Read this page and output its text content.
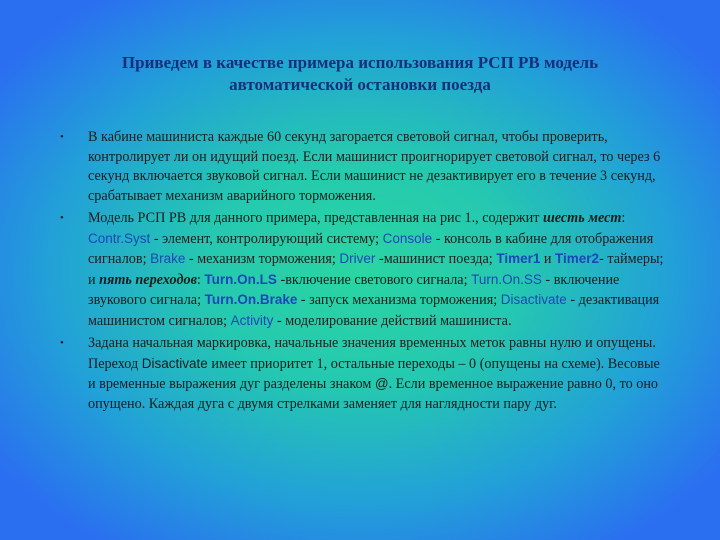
Приведем в качестве примера использования РСП РВ модель
автоматической остановки поезда
•	В кабине машиниста каждые 60 секунд загорается световой сигнал, чтобы проверить, контролирует ли он идущий поезд. Если машинист проигнорирует световой сигнал, то через 6 секунд включается звуковой сигнал. Если машинист не дезактивирует его в течение 3 секунд, срабатывает механизм аварийного торможения.
•	Модель РСП РВ для данного примера, представленная на рис 1., содержит шесть мест: Contr.Syst - элемент, контролирующий систему; Console - консоль в кабине для отображения сигналов; Brake - механизм торможения; Driver -машинист поезда; Timer1 и Timer2- таймеры; и пять переходов: Turn.On.LS -включение светового сигнала; Turn.On.SS - включение звукового сигнала; Turn.On.Brake - запуск механизма торможения; Disactivate - дезактивация машинистом сигналов; Activity - моделирование действий машиниста.
•	Задана начальная маркировка, начальные значения временных меток равны нулю и опущены. Переход Disactivate имеет приоритет 1, остальные переходы – 0 (опущены на схеме). Весовые и временные выражения дуг разделены знаком @. Если временное выражение равно 0, то оно опущено. Каждая дуга с двумя стрелками заменяет для наглядности пару дуг.
